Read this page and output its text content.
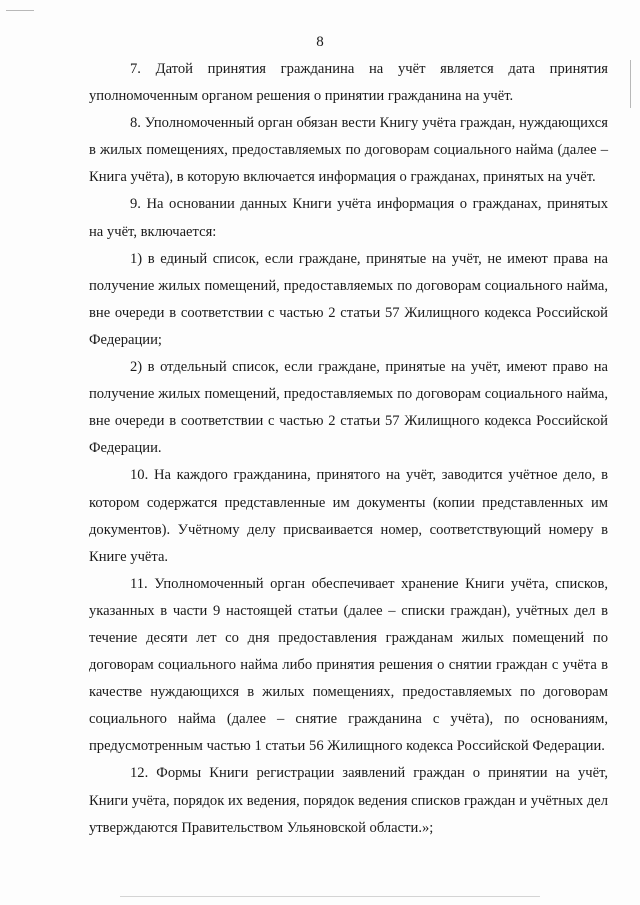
8

7. Датой принятия гражданина на учёт является дата принятия уполномоченным органом решения о принятии гражданина на учёт.

8. Уполномоченный орган обязан вести Книгу учёта граждан, нуждающихся в жилых помещениях, предоставляемых по договорам социального найма (далее – Книга учёта), в которую включается информация о гражданах, принятых на учёт.

9. На основании данных Книги учёта информация о гражданах, принятых на учёт, включается:

1) в единый список, если граждане, принятые на учёт, не имеют права на получение жилых помещений, предоставляемых по договорам социального найма, вне очереди в соответствии с частью 2 статьи 57 Жилищного кодекса Российской Федерации;

2) в отдельный список, если граждане, принятые на учёт, имеют право на получение жилых помещений, предоставляемых по договорам социального найма, вне очереди в соответствии с частью 2 статьи 57 Жилищного кодекса Российской Федерации.

10. На каждого гражданина, принятого на учёт, заводится учётное дело, в котором содержатся представленные им документы (копии представленных им документов). Учётному делу присваивается номер, соответствующий номеру в Книге учёта.

11. Уполномоченный орган обеспечивает хранение Книги учёта, списков, указанных в части 9 настоящей статьи (далее – списки граждан), учётных дел в течение десяти лет со дня предоставления гражданам жилых помещений по договорам социального найма либо принятия решения о снятии граждан с учёта в качестве нуждающихся в жилых помещениях, предоставляемых по договорам социального найма (далее – снятие гражданина с учёта), по основаниям, предусмотренным частью 1 статьи 56 Жилищного кодекса Российской Федерации.

12. Формы Книги регистрации заявлений граждан о принятии на учёт, Книги учёта, порядок их ведения, порядок ведения списков граждан и учётных дел утверждаются Правительством Ульяновской области.»;
